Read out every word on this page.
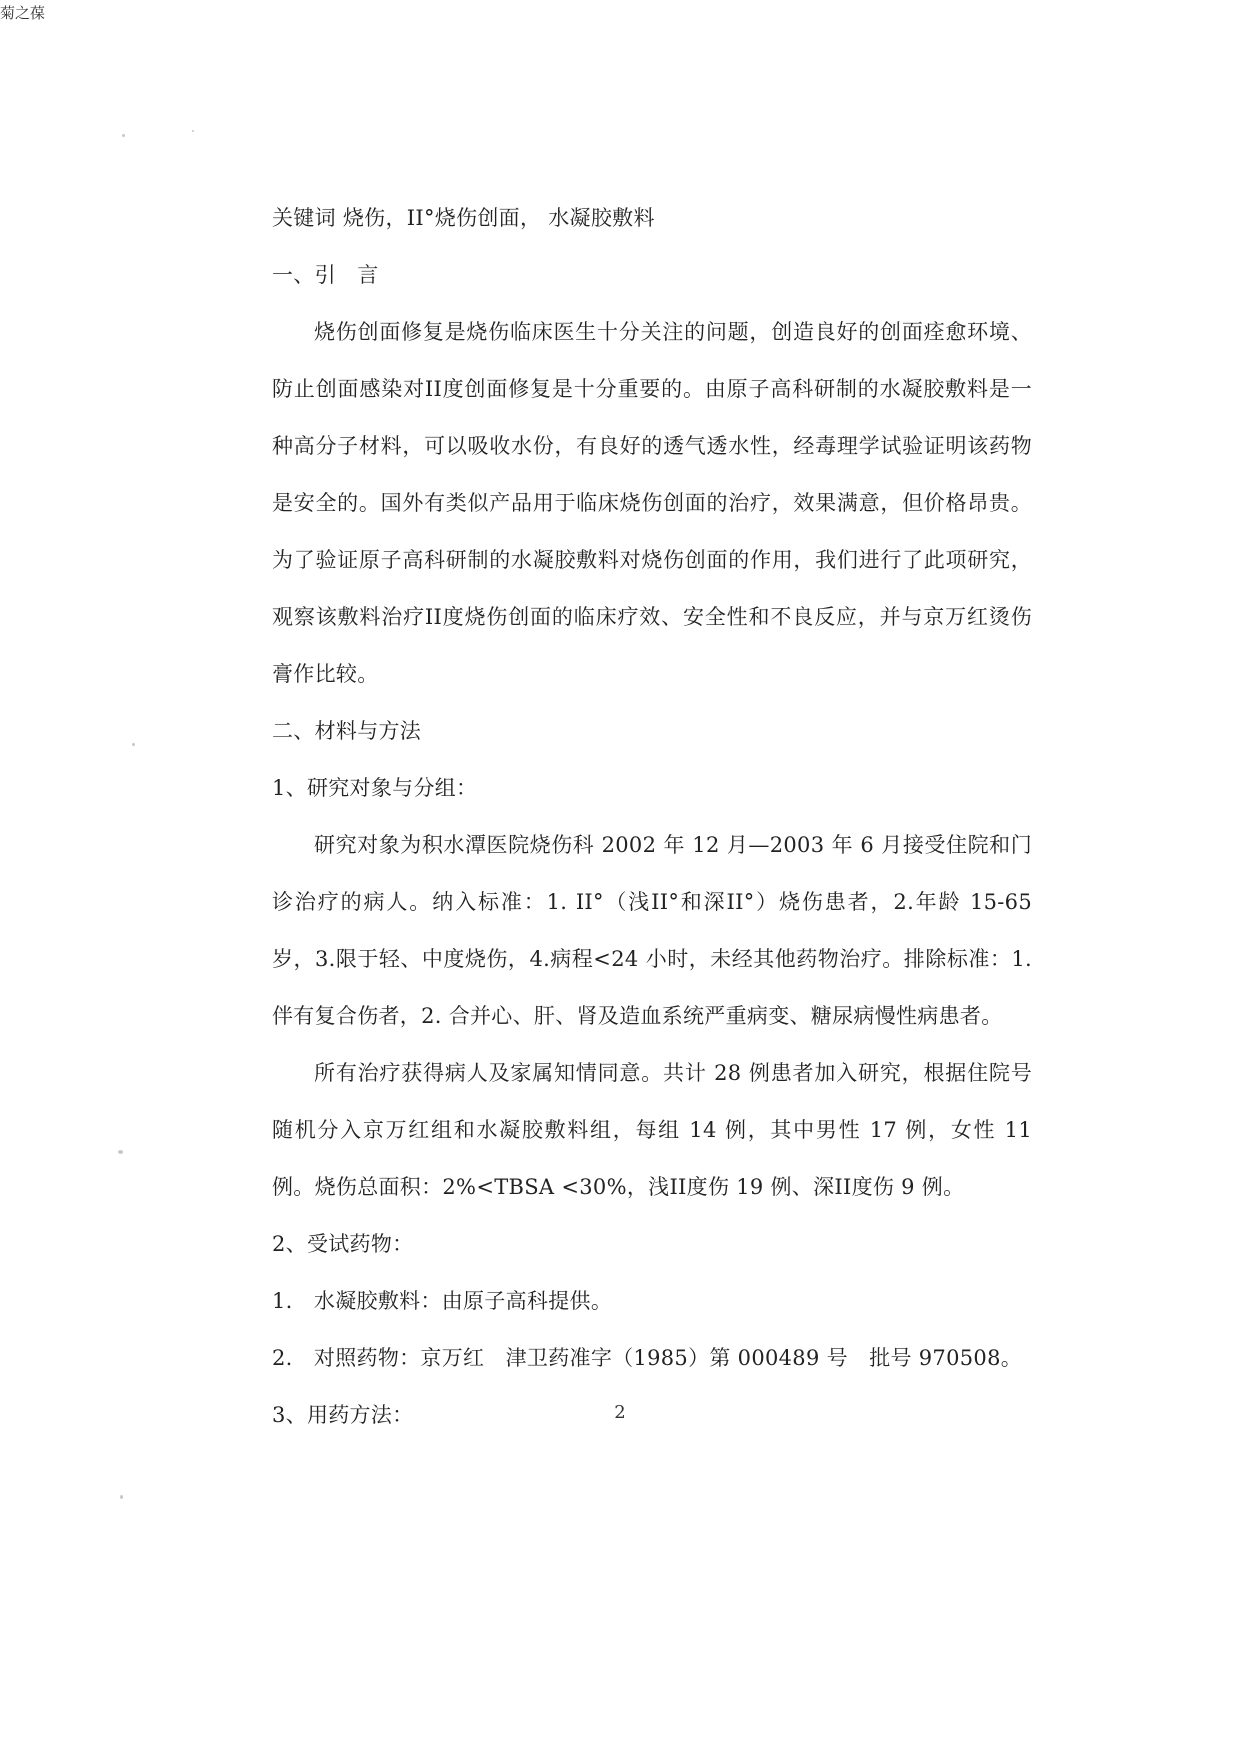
菊之葆
关键词 烧伤，II°烧伤创面， 水凝胶敷料
一、引　言

烧伤创面修复是烧伤临床医生十分关注的问题，创造良好的创面痊愈环境、防止创面感染对II度创面修复是十分重要的。由原子高科研制的水凝胶敷料是一种高分子材料，可以吸收水份，有良好的透气透水性，经毒理学试验证明该药物是安全的。国外有类似产品用于临床烧伤创面的治疗，效果满意，但价格昂贵。为了验证原子高科研制的水凝胶敷料对烧伤创面的作用，我们进行了此项研究，观察该敷料治疗II度烧伤创面的临床疗效、安全性和不良反应，并与京万红烫伤膏作比较。

二、材料与方法
1、研究对象与分组：

研究对象为积水潭医院烧伤科 2002 年 12 月—2003 年 6 月接受住院和门诊治疗的病人。纳入标准：1. II°（浅II°和深II°）烧伤患者，2.年龄 15-65 岁，3.限于轻、中度烧伤，4.病程<24 小时，未经其他药物治疗。排除标准：1.伴有复合伤者，2. 合并心、肝、肾及造血系统严重病变、糖尿病慢性病患者。

所有治疗获得病人及家属知情同意。共计 28 例患者加入研究，根据住院号随机分入京万红组和水凝胶敷料组，每组 14 例，其中男性 17 例，女性 11 例。烧伤总面积：2%<TBSA <30%，浅II度伤 19 例、深II度伤 9 例。

2、受试药物：
1.　水凝胶敷料：由原子高科提供。
2.　对照药物：京万红　津卫药准字（1985）第 000489 号　批号 970508。
3、用药方法：	2
